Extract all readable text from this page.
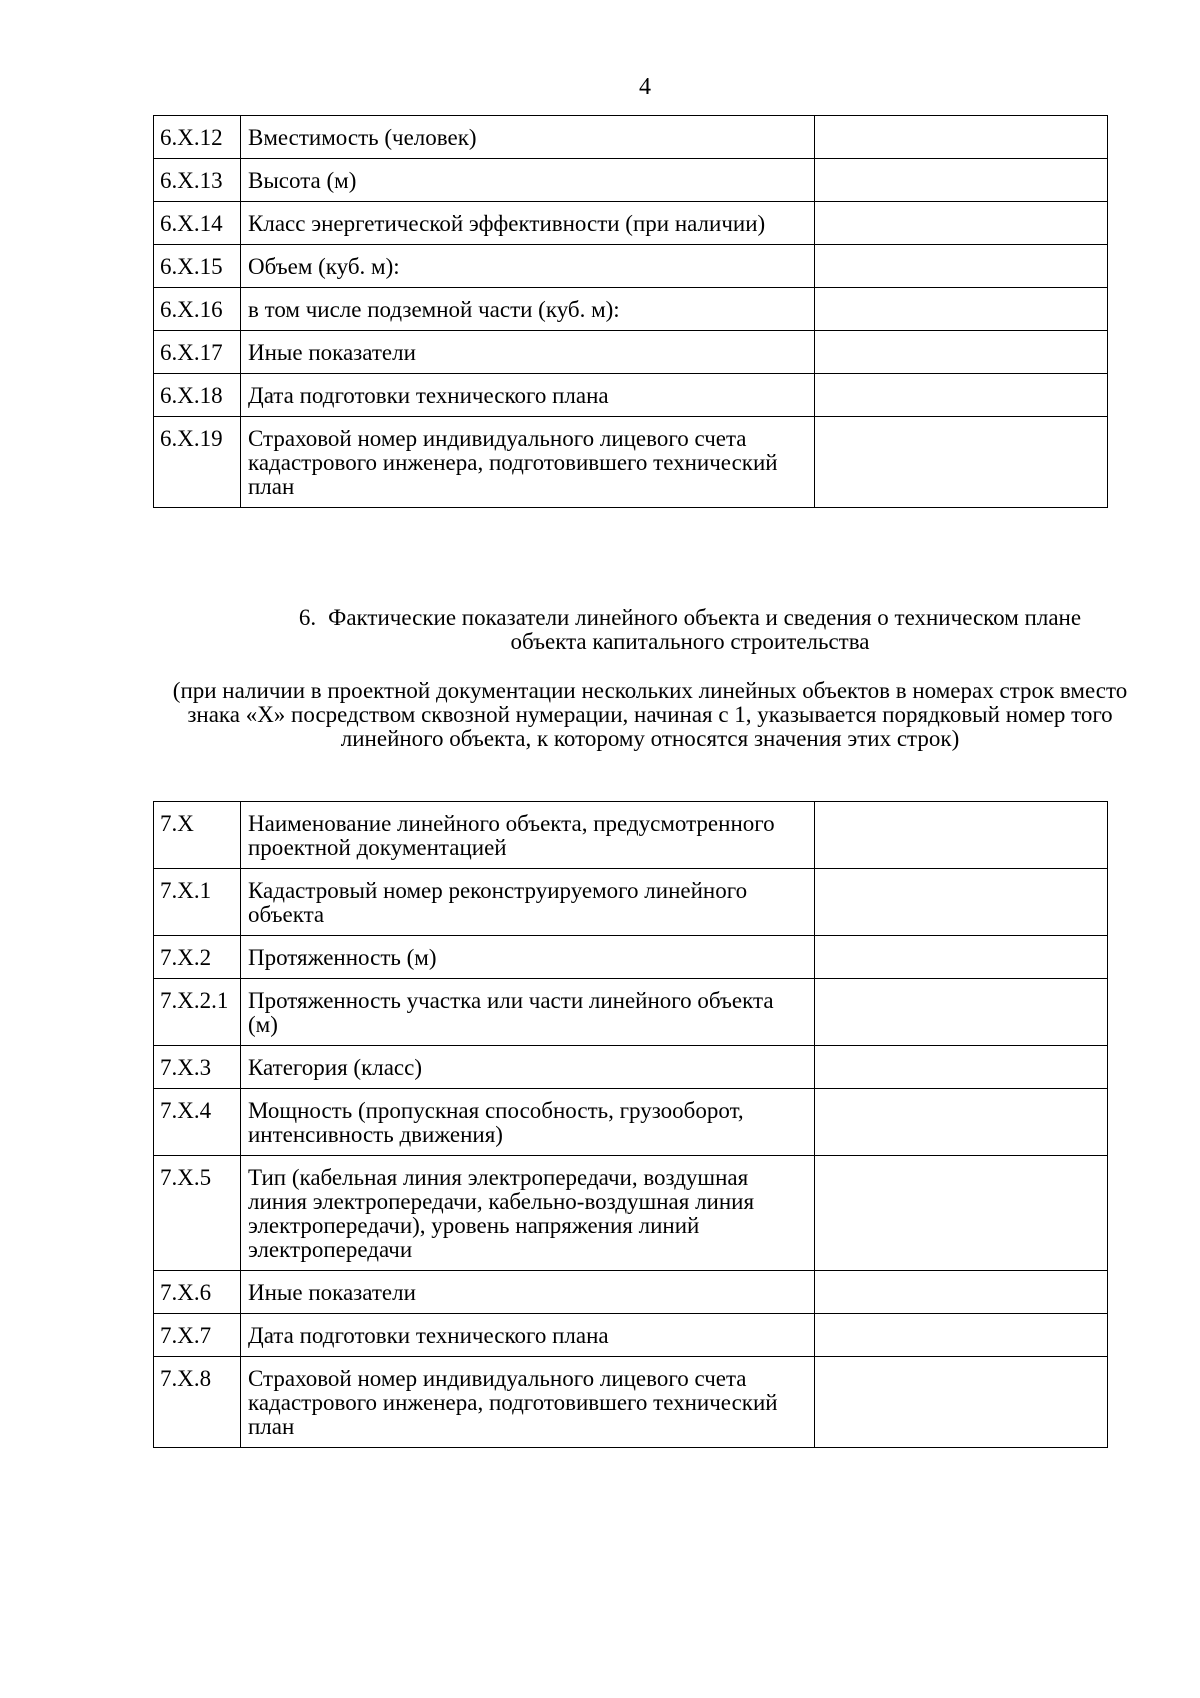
4
6.X.12	Вместимость (человек)	
6.X.13	Высота (м)	
6.X.14	Класс энергетической эффективности (при наличии)	
6.X.15	Объем (куб. м):	
6.X.16	в том числе подземной части (куб. м):	
6.X.17	Иные показатели	
6.X.18	Дата подготовки технического плана	
6.X.19	Страховой номер индивидуального лицевого счета кадастрового инженера, подготовившего технический план	
6. Фактические показатели линейного объекта и сведения о техническом плане объекта капитального строительства
(при наличии в проектной документации нескольких линейных объектов в номерах строк вместо знака «X» посредством сквозной нумерации, начиная с 1, указывается порядковый номер того линейного объекта, к которому относятся значения этих строк)
7.X	Наименование линейного объекта, предусмотренного проектной документацией	
7.X.1	Кадастровый номер реконструируемого линейного объекта	
7.X.2	Протяженность (м)	
7.X.2.1	Протяженность участка или части линейного объекта (м)	
7.X.3	Категория (класс)	
7.X.4	Мощность (пропускная способность, грузооборот, интенсивность движения)	
7.X.5	Тип (кабельная линия электропередачи, воздушная линия электропередачи, кабельно-воздушная линия электропередачи), уровень напряжения линий электропередачи	
7.X.6	Иные показатели	
7.X.7	Дата подготовки технического плана	
7.X.8	Страховой номер индивидуального лицевого счета кадастрового инженера, подготовившего технический план	
